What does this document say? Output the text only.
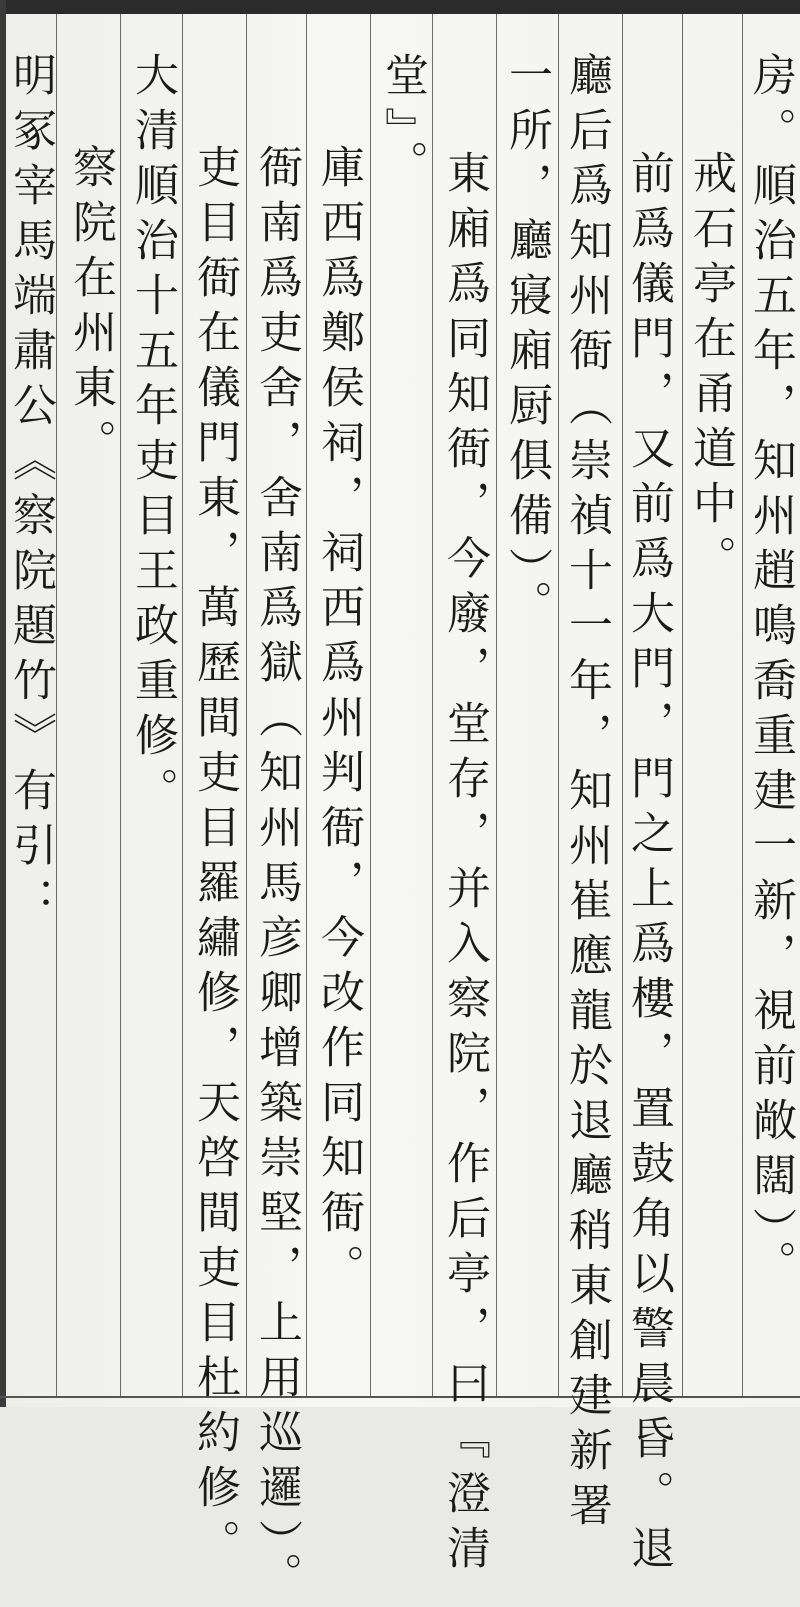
房。順治五年，知州趙鳴喬重建一新，視前敞闊）。
戒石亭在甬道中。
前爲儀門，又前爲大門，門之上爲樓，置鼓角以警晨昏。退
廳后爲知州衙（崇禎十一年，知州崔應龍於退廳稍東創建新署
一所，廳寢廂厨俱備）。
東廂爲同知衙，今廢，堂存，并入察院，作后亭，曰『澄清
堂』。
庫西爲鄭侯祠，祠西爲州判衙，今改作同知衙。
衙南爲吏舍，舍南爲獄（知州馬彦卿增築崇堅，上用巡邏）。
吏目衙在儀門東，萬歷間吏目羅繡修，天啓間吏目杜約修。
大清順治十五年吏目王政重修。
察院在州東。
明冢宰馬端肅公《察院題竹》有引：
